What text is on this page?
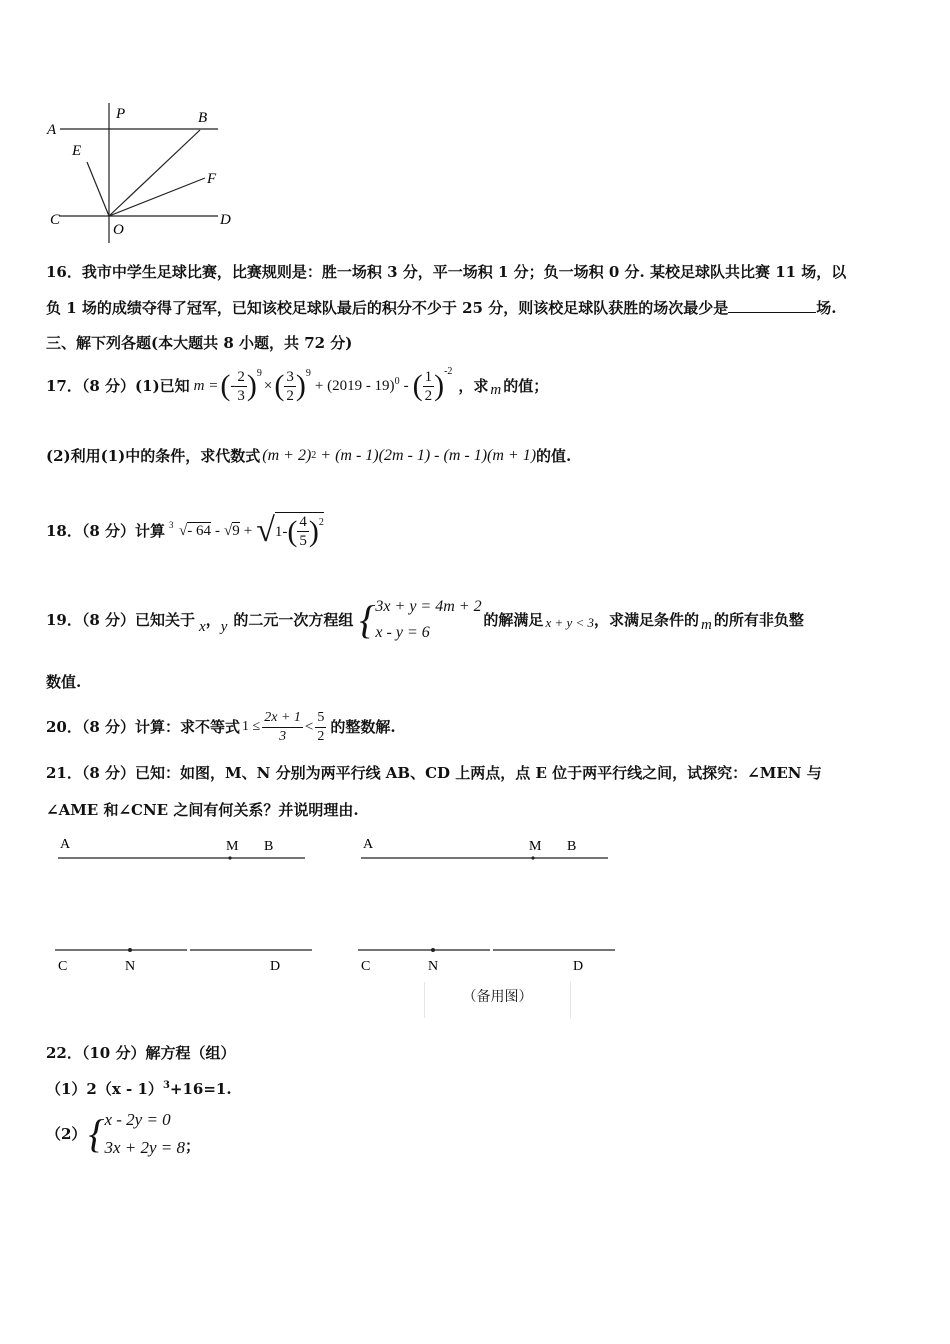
A
P	B
E
F
C
O
D
16．我市中学生足球比赛，比赛规则是：胜一场积 3 分，平一场积 1 分；负一场积 0 分. 某校足球队共比赛 11 场，以
负 1 场的成绩夺得了冠军，已知该校足球队最后的积分不少于 25 分，则该校足球队获胜的场次最少是	场.
三、解下列各题(本大题共 8 小题，共 72 分)
17．（8 分）(1)已知 m = ( - $\frac{2}{3} )^9$
× ( $\frac{3}{2} )^9$
+ (2019 - 19)$^0$ - ( $\frac{1}{2} )^{-2}$
，求 m 的值；
(2)利用(1)中的条件，求代数式 (m + 2) 2 + (m - 1)(2m - 1) - (m - 1)(m + 1) 的值.
18．（8 分）计算 3 √- 64 - √9 + √ 1- ( $\frac{4}{5} )^2$
19．（8 分）已知关于 x ， y 的二元一次方程组 { 3x + y = 4m + 2
x - y = 6
的解满足 x + y < 3 ，求满足条件的 m 的所有非负整
数值.
20．（8 分）计算：求不等式 $1 \le \frac{2x + 1}{3} < \frac{5}{2}$ 的整数解.
21．（8 分）已知：如图，M、N 分别为两平行线 AB、CD 上两点，点 E 位于两平行线之间，试探究：∠MEN 与
∠AME 和∠CNE 之间有何关系？并说明理由.
A	M B
C	N	D
A	M B
C	N	D
（备用图）
22．（10 分）解方程（组）
（1）2（x - 1）$^3$+16=1.
（2） { x - 2y = 0
3x + 2y = 8 ；
